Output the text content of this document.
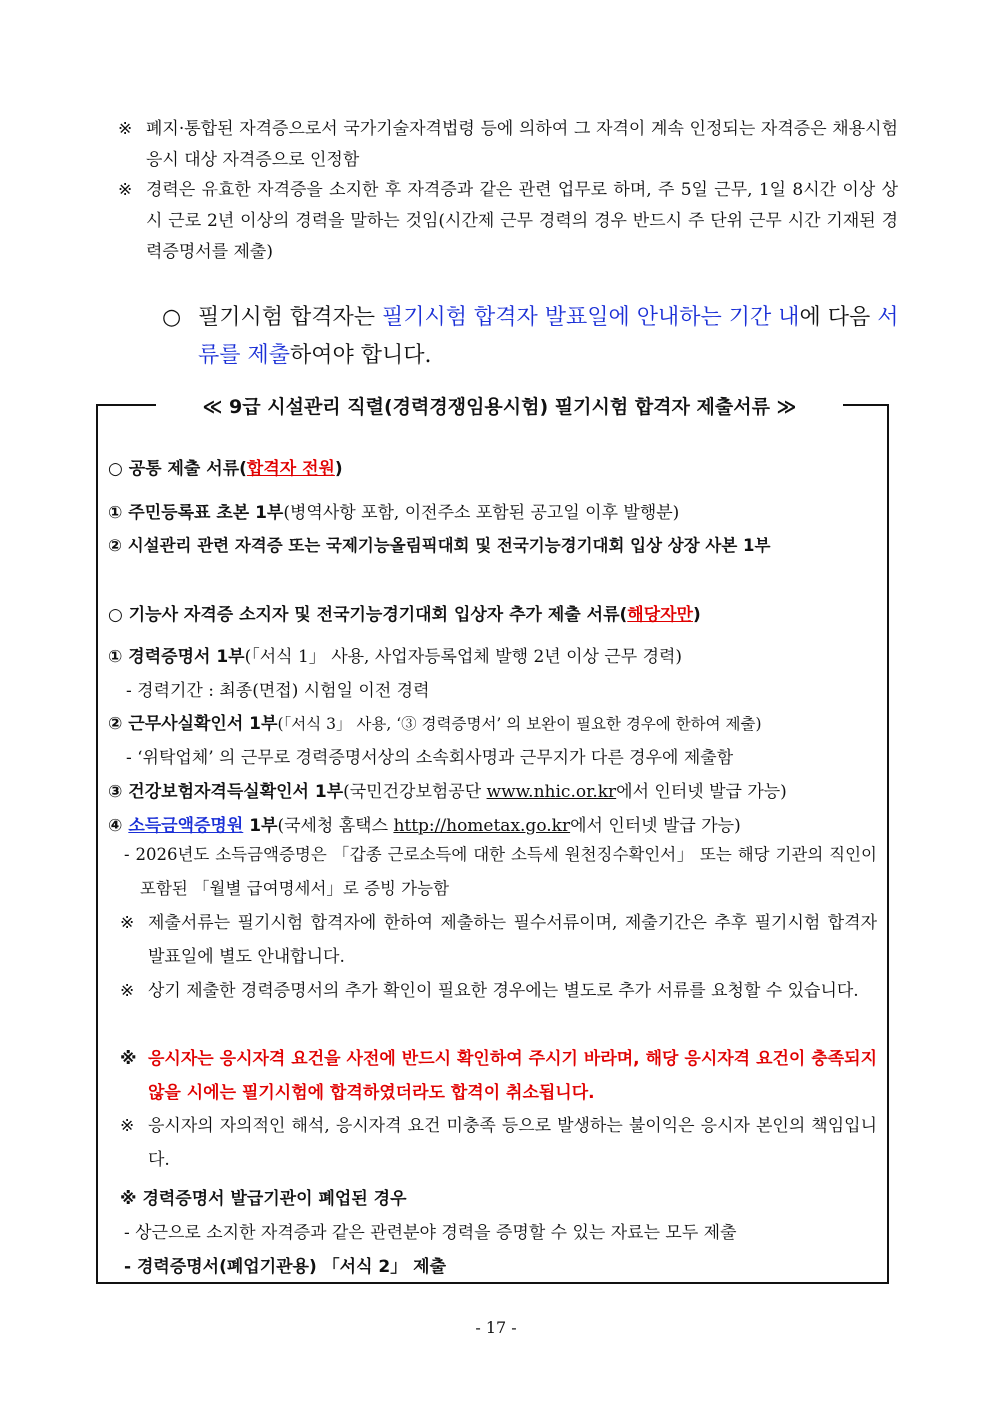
※ 폐지·통합된 자격증으로서 국가기술자격법령 등에 의하여 그 자격이 계속 인정되는 자격증은 채용시험 응시 대상 자격증으로 인정함
※ 경력은 유효한 자격증을 소지한 후 자격증과 같은 관련 업무로 하며, 주 5일 근무, 1일 8시간 이상 상시 근로 2년 이상의 경력을 말하는 것임(시간제 근무 경력의 경우 반드시 주 단위 근무 시간 기재된 경력증명서를 제출)
○ 필기시험 합격자는 필기시험 합격자 발표일에 안내하는 기간 내에 다음 서류를 제출하여야 합니다.
≪ 9급 시설관리 직렬(경력경쟁임용시험) 필기시험 합격자 제출서류 ≫
○ 공통 제출 서류(합격자 전원)
① 주민등록표 초본 1부(병역사항 포함, 이전주소 포함된 공고일 이후 발행분)
② 시설관리 관련 자격증 또는 국제기능올림픽대회 및 전국기능경기대회 입상 상장 사본 1부
○ 기능사 자격증 소지자 및 전국기능경기대회 입상자 추가 제출 서류(해당자만)
① 경력증명서 1부(「서식 1」 사용, 사업자등록업체 발행 2년 이상 근무 경력)
- 경력기간 : 최종(면접) 시험일 이전 경력
② 근무사실확인서 1부(「서식 3」 사용, ‘③ 경력증명서’ 의 보완이 필요한 경우에 한하여 제출)
- ‘위탁업체’ 의 근무로 경력증명서상의 소속회사명과 근무지가 다른 경우에 제출함
③ 건강보험자격득실확인서 1부(국민건강보험공단 www.nhic.or.kr에서 인터넷 발급 가능)
④ 소득금액증명원 1부(국세청 홈택스 http://hometax.go.kr에서 인터넷 발급 가능)
- 2026년도 소득금액증명은 「갑종 근로소득에 대한 소득세 원천징수확인서」 또는 해당 기관의 직인이 포함된 「월별 급여명세서」로 증빙 가능함
※ 제출서류는 필기시험 합격자에 한하여 제출하는 필수서류이며, 제출기간은 추후 필기시험 합격자 발표일에 별도 안내합니다.
※ 상기 제출한 경력증명서의 추가 확인이 필요한 경우에는 별도로 추가 서류를 요청할 수 있습니다.
※ 응시자는 응시자격 요건을 사전에 반드시 확인하여 주시기 바라며, 해당 응시자격 요건이 충족되지 않을 시에는 필기시험에 합격하였더라도 합격이 취소됩니다.
※ 응시자의 자의적인 해석, 응시자격 요건 미충족 등으로 발생하는 불이익은 응시자 본인의 책임입니다.
※ 경력증명서 발급기관이 폐업된 경우
- 상근으로 소지한 자격증과 같은 관련분야 경력을 증명할 수 있는 자료는 모두 제출
- 경력증명서(폐업기관용) 「서식 2」 제출
- 17 -
